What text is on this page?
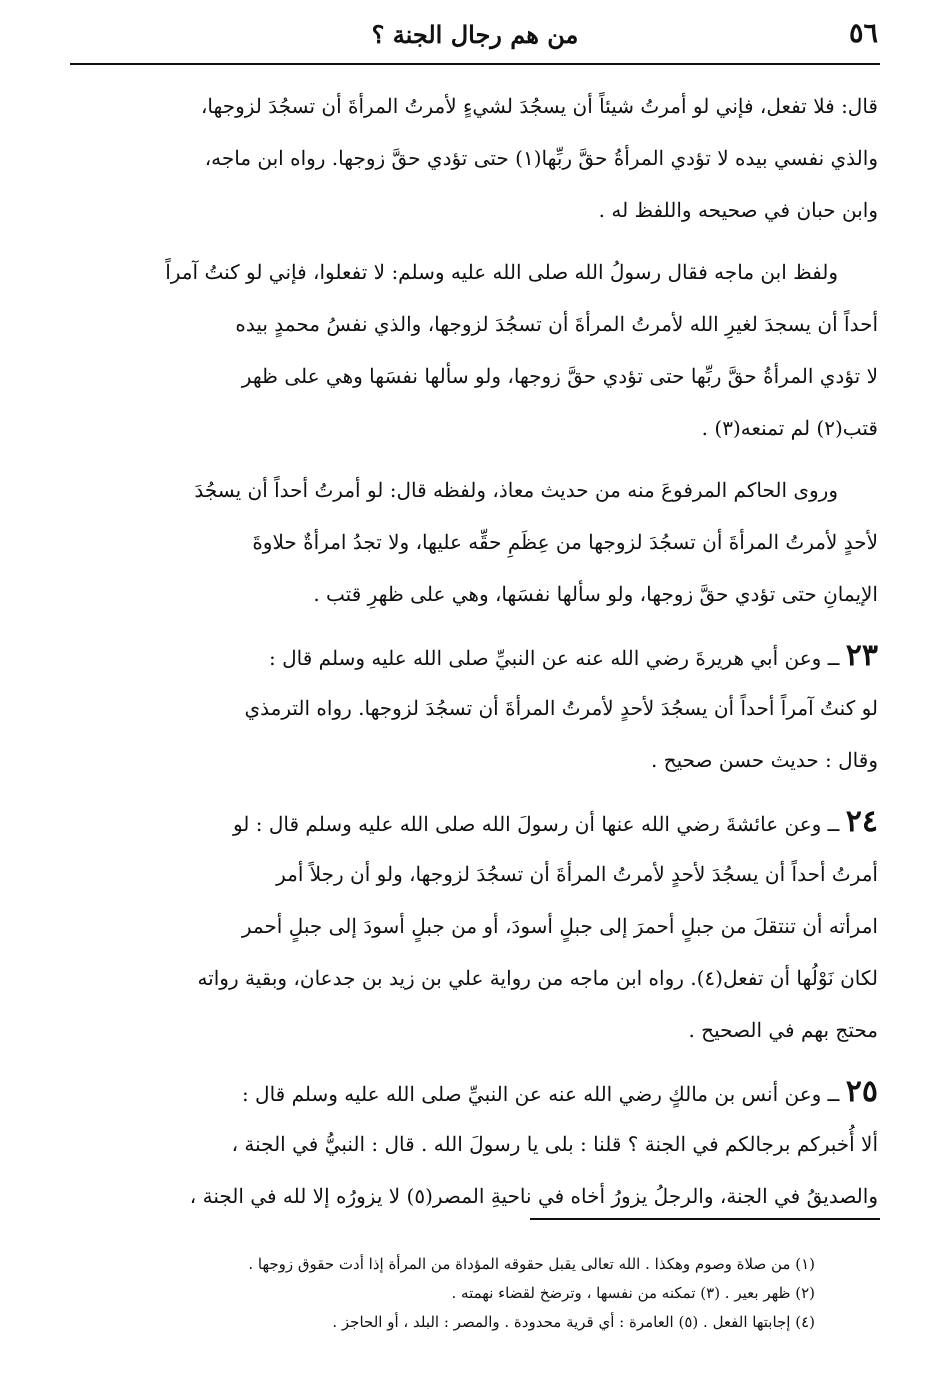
٥٦
من هم رجال الجنة ؟
قال: فلا تفعل، فإني لو أمرتُ شيئاً أن يسجُدَ لشيءٍ لأمرتُ المرأةَ أن تسجُدَ لزوجها،
والذي نفسي بيده لا تؤدي المرأةُ حقَّ ربِّها(١) حتى تؤدي حقَّ زوجها. رواه ابن ماجه،
وابن حبان في صحيحه واللفظ له .
ولفظ ابن ماجه فقال رسولُ الله صلى الله عليه وسلم: لا تفعلوا، فإني لو كنتُ آمراً
أحداً أن يسجدَ لغيرِ الله لأمرتُ المرأةَ أن تسجُدَ لزوجها، والذي نفسُ محمدٍ بيده
لا تؤدي المرأةُ حقَّ ربِّها حتى تؤدي حقَّ زوجها، ولو سألها نفسَها وهي على ظهر
قتب(٢) لم تمنعه(٣) .
وروى الحاكم المرفوعَ منه من حديث معاذ، ولفظه قال: لو أمرتُ أحداً أن يسجُدَ
لأحدٍ لأمرتُ المرأةَ أن تسجُدَ لزوجها من عِظَمِ حقِّه عليها، ولا تجدُ امرأةٌ حلاوةَ
الإيمانِ حتى تؤدي حقَّ زوجها، ولو سألها نفسَها، وهي على ظهرِ قتب .
٢٣ ــ وعن أبي هريرةَ رضي الله عنه عن النبيِّ صلى الله عليه وسلم قال :
لو كنتُ آمراً أحداً أن يسجُدَ لأحدٍ لأمرتُ المرأةَ أن تسجُدَ لزوجها. رواه الترمذي
وقال : حديث حسن صحيح .
٢٤ ــ وعن عائشةَ رضي الله عنها أن رسولَ الله صلى الله عليه وسلم قال : لو
أمرتُ أحداً أن يسجُدَ لأحدٍ لأمرتُ المرأةَ أن تسجُدَ لزوجها، ولو أن رجلاً أمر
امرأته أن تنتقلَ من جبلٍ أحمرَ إلى جبلٍ أسودَ، أو من جبلٍ أسودَ إلى جبلٍ أحمر
لكان نَوْلُها أن تفعل(٤). رواه ابن ماجه من رواية علي بن زيد بن جدعان، وبقية رواته
محتج بهم في الصحيح .
٢٥ ــ وعن أنس بن مالكٍ رضي الله عنه عن النبيِّ صلى الله عليه وسلم قال :
ألا أُخبركم برجالكم في الجنة ؟ قلنا : بلى يا رسولَ الله . قال : النبيُّ في الجنة ،
والصديقُ في الجنة، والرجلُ يزورُ أخاه في ناحيةِ المصر(٥) لا يزورُه إلا لله في الجنة ،
(١) من صلاة وصوم وهكذا . الله تعالى يقبل حقوقه المؤداة من المرأة إذا أدت حقوق زوجها .
(٢) ظهر بعير . (٣) تمكنه من نفسها ، وترضخ لقضاء نهمته .
(٤) إجابتها الفعل . (٥) العامرة : أي قرية محدودة . والمصر : البلد ، أو الحاجز .
